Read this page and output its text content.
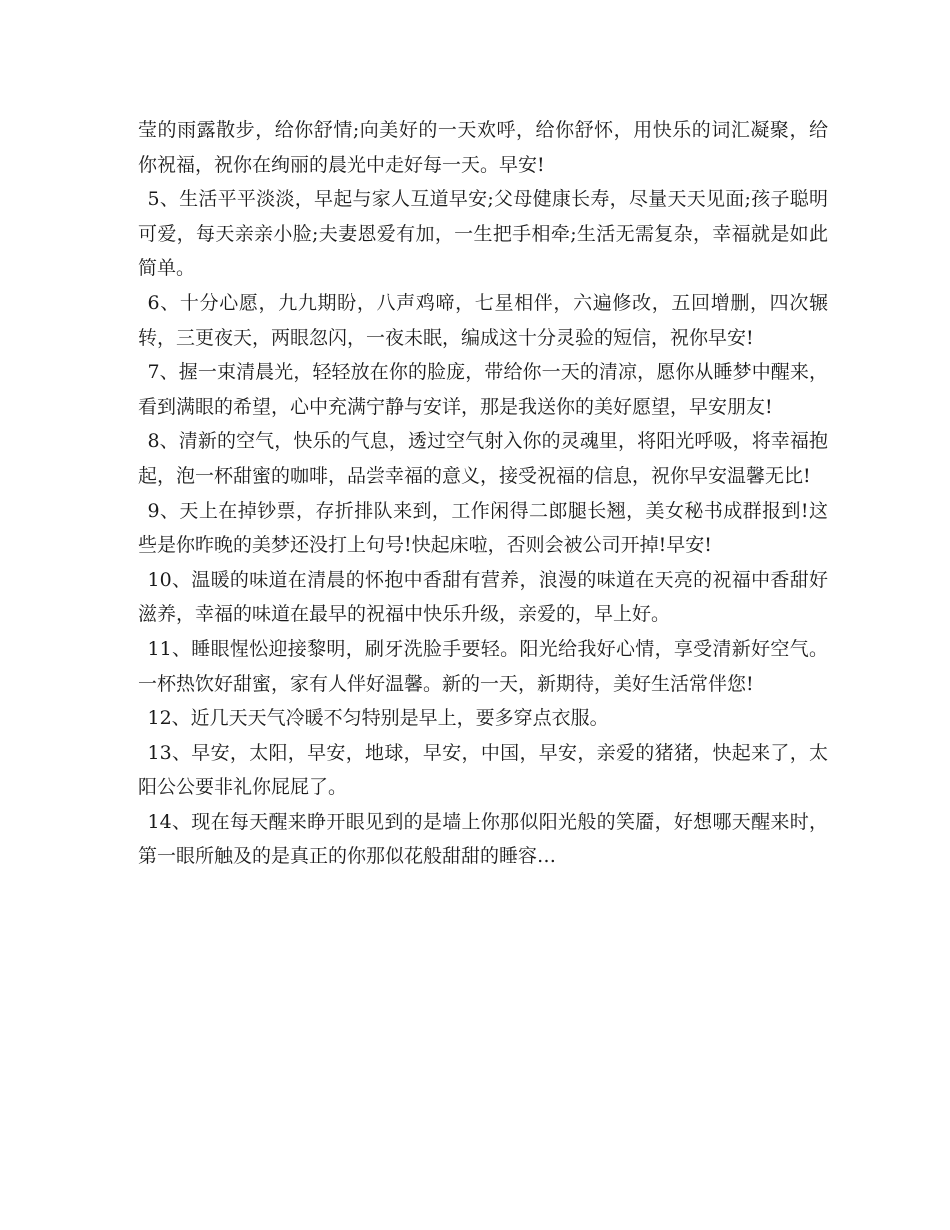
莹的雨露散步，给你舒情;向美好的一天欢呼，给你舒怀，用快乐的词汇凝聚，给你祝福，祝你在绚丽的晨光中走好每一天。早安!

5、生活平平淡淡，早起与家人互道早安;父母健康长寿，尽量天天见面;孩子聪明可爱，每天亲亲小脸;夫妻恩爱有加，一生把手相牵;生活无需复杂，幸福就是如此简单。

6、十分心愿，九九期盼，八声鸡啼，七星相伴，六遍修改，五回增删，四次辗转，三更夜天，两眼忽闪，一夜未眠，编成这十分灵验的短信，祝你早安!

7、握一束清晨光，轻轻放在你的脸庞，带给你一天的清凉，愿你从睡梦中醒来，看到满眼的希望，心中充满宁静与安详，那是我送你的美好愿望，早安朋友!

8、清新的空气，快乐的气息，透过空气射入你的灵魂里，将阳光呼吸，将幸福抱起，泡一杯甜蜜的咖啡，品尝幸福的意义，接受祝福的信息，祝你早安温馨无比!

9、天上在掉钞票，存折排队来到，工作闲得二郎腿长翘，美女秘书成群报到!这些是你昨晚的美梦还没打上句号!快起床啦，否则会被公司开掉!早安!

10、温暖的味道在清晨的怀抱中香甜有营养，浪漫的味道在天亮的祝福中香甜好滋养，幸福的味道在最早的祝福中快乐升级，亲爱的，早上好。

11、睡眼惺忪迎接黎明，刷牙洗脸手要轻。阳光给我好心情，享受清新好空气。一杯热饮好甜蜜，家有人伴好温馨。新的一天，新期待，美好生活常伴您!

12、近几天天气冷暖不匀特别是早上，要多穿点衣服。

13、早安，太阳，早安，地球，早安，中国，早安，亲爱的猪猪，快起来了，太阳公公要非礼你屁屁了。

14、现在每天醒来睁开眼见到的是墙上你那似阳光般的笑靥，好想哪天醒来时，第一眼所触及的是真正的你那似花般甜甜的睡容…
